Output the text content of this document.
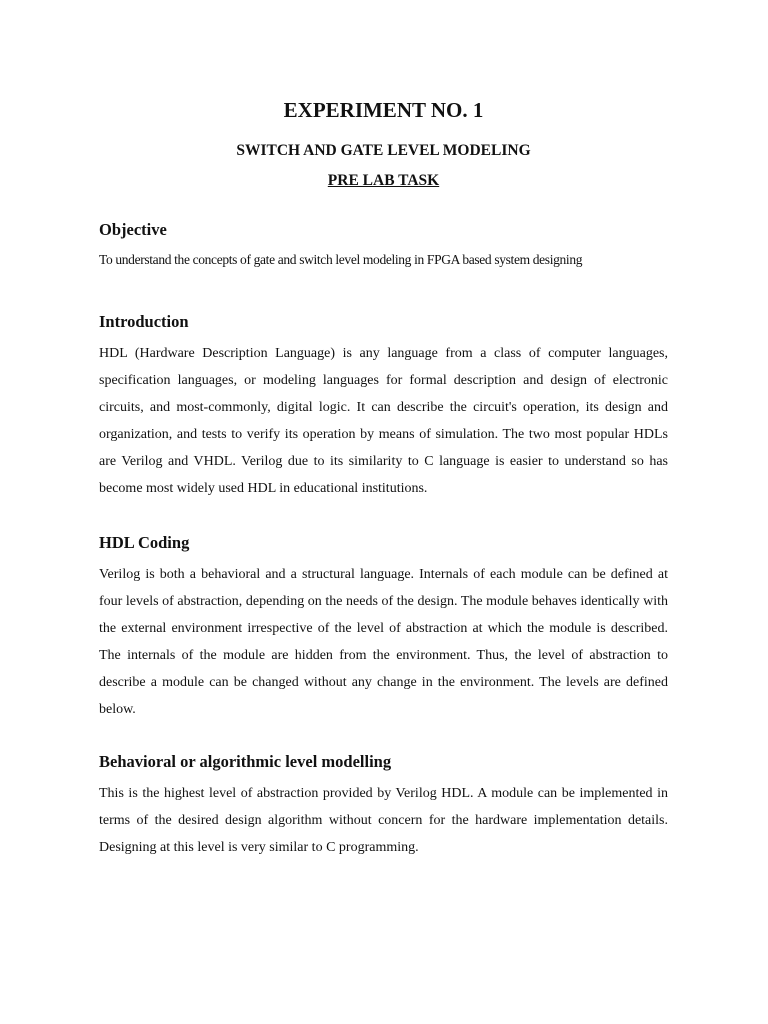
EXPERIMENT NO. 1
SWITCH AND GATE LEVEL MODELING
PRE LAB TASK
Objective

To understand the concepts of gate and switch level modeling in FPGA based system designing

Introduction

HDL (Hardware Description Language) is any language from a class of computer languages, specification languages, or modeling languages for formal description and design of electronic circuits, and most-commonly, digital logic. It can describe the circuit's operation, its design and organization, and tests to verify its operation by means of simulation. The two most popular HDLs are Verilog and VHDL. Verilog due to its similarity to C language is easier to understand so has become most widely used HDL in educational institutions.

HDL Coding

Verilog is both a behavioral and a structural language. Internals of each module can be defined at four levels of abstraction, depending on the needs of the design. The module behaves identically with the external environment irrespective of the level of abstraction at which the module is described. The internals of the module are hidden from the environment. Thus, the level of abstraction to describe a module can be changed without any change in the environment. The levels are defined below.

Behavioral or algorithmic level modelling

This is the highest level of abstraction provided by Verilog HDL. A module can be implemented in terms of the desired design algorithm without concern for the hardware implementation details. Designing at this level is very similar to C programming.
